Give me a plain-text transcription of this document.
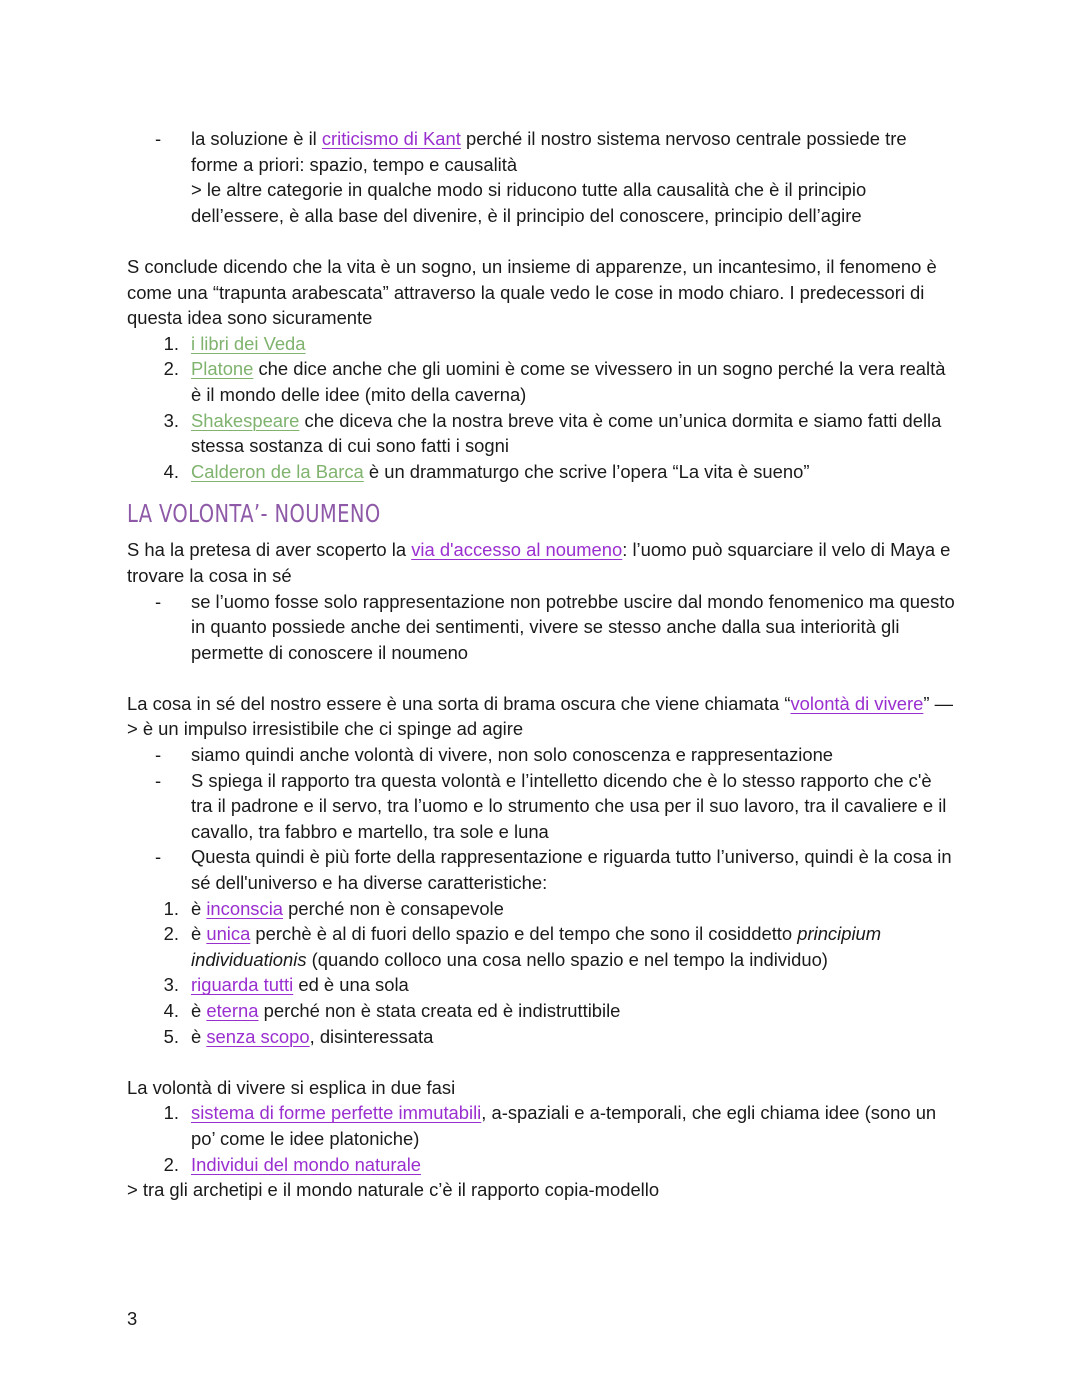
- la soluzione è il criticismo di Kant perché il nostro sistema nervoso centrale possiede tre forme a priori: spazio, tempo e causalità

> le altre categorie in qualche modo si riducono tutte alla causalità che è il principio dell’essere, è alla base del divenire, è il principio del conoscere, principio dell’agire

S conclude dicendo che la vita è un sogno, un insieme di apparenze, un incantesimo, il fenomeno è come una “trapunta arabescata” attraverso la quale vedo le cose in modo chiaro. I predecessori di questa idea sono sicuramente

1. i libri dei Veda

2. Platone che dice anche che gli uomini è come se vivessero in un sogno perché la vera realtà è il mondo delle idee (mito della caverna)

3. Shakespeare che diceva che la nostra breve vita è come un’unica dormita e siamo fatti della stessa sostanza di cui sono fatti i sogni

4. Calderon de la Barca è un drammaturgo che scrive l’opera “La vita è sueno”

LA VOLONTA’- NOUMENO

S ha la pretesa di aver scoperto la via d'accesso al noumeno: l’uomo può squarciare il velo di Maya e trovare la cosa in sé

- se l’uomo fosse solo rappresentazione non potrebbe uscire dal mondo fenomenico ma questo in quanto possiede anche dei sentimenti, vivere se stesso anche dalla sua interiorità gli permette di conoscere il noumeno

La cosa in sé del nostro essere è una sorta di brama oscura che viene chiamata “volontà di vivere” —> è un impulso irresistibile che ci spinge ad agire

- siamo quindi anche volontà di vivere, non solo conoscenza e rappresentazione

- S spiega il rapporto tra questa volontà e l’intelletto dicendo che è lo stesso rapporto che c'è tra il padrone e il servo, tra l’uomo e lo strumento che usa per il suo lavoro, tra il cavaliere e il cavallo, tra fabbro e martello, tra sole e luna

- Questa quindi è più forte della rappresentazione e riguarda tutto l’universo, quindi è la cosa in sé dell'universo e ha diverse caratteristiche:

1. è inconscia perché non è consapevole

2. è unica perchè è al di fuori dello spazio e del tempo che sono il cosiddetto principium individuationis (quando colloco una cosa nello spazio e nel tempo la individuo)

3. riguarda tutti ed è una sola

4. è eterna perché non è stata creata ed è indistruttibile

5. è senza scopo, disinteressata

La volontà di vivere si esplica in due fasi

1. sistema di forme perfette immutabili, a-spaziali e a-temporali, che egli chiama idee (sono un po’ come le idee platoniche)

2. Individui del mondo naturale

> tra gli archetipi e il mondo naturale c’è il rapporto copia-modello

3
